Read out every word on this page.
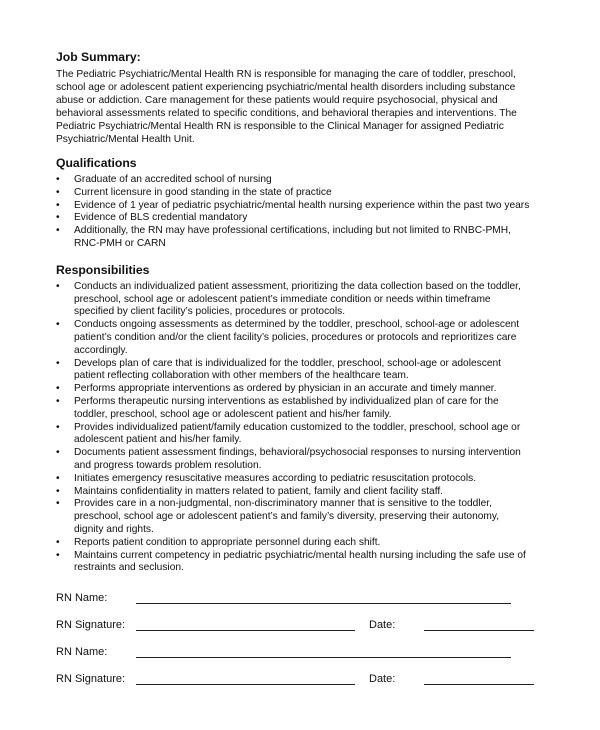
Job Summary:

The Pediatric Psychiatric/Mental Health RN is responsible for managing the care of toddler, preschool,
school age or adolescent patient experiencing psychiatric/mental health disorders including substance
abuse or addiction. Care management for these patients would require psychosocial, physical and
behavioral assessments related to specific conditions, and behavioral therapies and interventions. The
Pediatric Psychiatric/Mental Health RN is responsible to the Clinical Manager for assigned Pediatric
Psychiatric/Mental Health Unit.

Qualifications
•	Graduate of an accredited school of nursing
•	Current licensure in good standing in the state of practice
•	Evidence of 1 year of pediatric psychiatric/mental health nursing experience within the past two years
•	Evidence of BLS credential mandatory
•	Additionally, the RN may have professional certifications, including but not limited to RNBC-PMH,
RNC-PMH or CARN
Responsibilities
•	Conducts an individualized patient assessment, prioritizing the data collection based on the toddler,
preschool, school age or adolescent patient’s immediate condition or needs within timeframe
specified by client facility’s policies, procedures or protocols.
•	Conducts ongoing assessments as determined by the toddler, preschool, school-age or adolescent
patient’s condition and/or the client facility’s policies, procedures or protocols and reprioritizes care
accordingly.
•	Develops plan of care that is individualized for the toddler, preschool, school-age or adolescent
patient reflecting collaboration with other members of the healthcare team.
•	Performs appropriate interventions as ordered by physician in an accurate and timely manner.
•	Performs therapeutic nursing interventions as established by individualized plan of care for the
toddler, preschool, school age or adolescent patient and his/her family.
•	Provides individualized patient/family education customized to the toddler, preschool, school age or
adolescent patient and his/her family.
•	Documents patient assessment findings, behavioral/psychosocial responses to nursing intervention
and progress towards problem resolution.
•	Initiates emergency resuscitative measures according to pediatric resuscitation protocols.
•	Maintains confidentiality in matters related to patient, family and client facility staff.
•	Provides care in a non-judgmental, non-discriminatory manner that is sensitive to the toddler,
preschool, school age or adolescent patient’s and family’s diversity, preserving their autonomy,
dignity and rights.
•	Reports patient condition to appropriate personnel during each shift.
•	Maintains current competency in pediatric psychiatric/mental health nursing including the safe use of
restraints and seclusion.
RN Name:
RN Signature:	Date:
RN Name:
RN Signature:	Date:
